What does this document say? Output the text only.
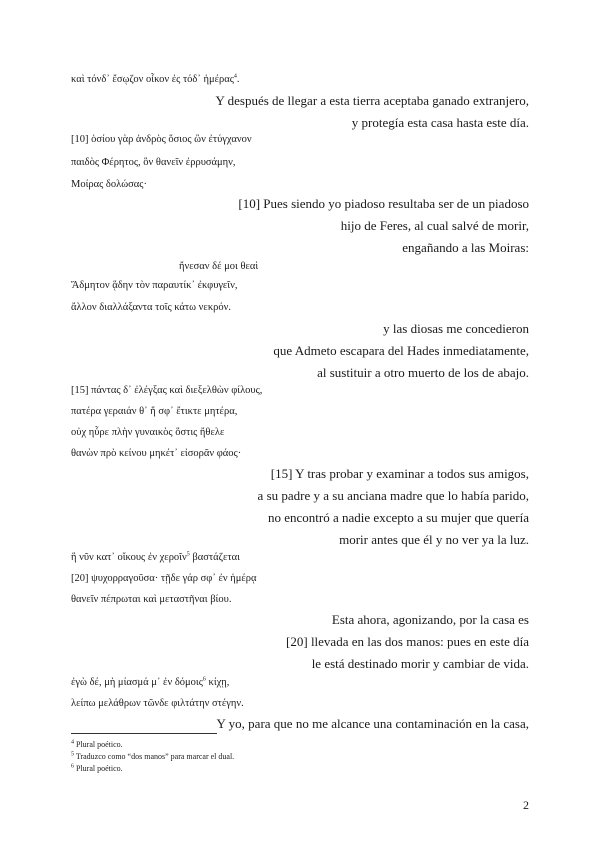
καὶ τόνδ᾽ ἔσῳζον οἶκον ἐς τόδ᾽ ἡμέρας$^4$.
Y después de llegar a esta tierra aceptaba ganado extranjero,
y protegía esta casa hasta este día.
[10] ὁσίου γὰρ ἀνδρὸς ὅσιος ὢν ἐτύγχανον
παιδὸς Φέρητος, ὃν θανεῖν ἐρρυσάμην,
Μοίρας δολώσας·
[10] Pues siendo yo piadoso resultaba ser de un piadoso
hijo de Feres, al cual salvé de morir,
engañando a las Moiras:
ἤνεσαν δέ μοι θεαὶ
Ἄδμητον ᾅδην τὸν παραυτίκ᾽ ἐκφυγεῖν,
ἄλλον διαλλάξαντα τοῖς κάτω νεκρόν.
y las diosas me concedieron
que Admeto escapara del Hades inmediatamente,
al sustituir a otro muerto de los de abajo.
[15] πάντας δ᾽ ἐλέγξας καὶ διεξελθὼν φίλους,
πατέρα γεραιάν θ᾽ ἥ σφ᾽ ἔτικτε μητέρα,
οὐχ ηὗρε πλὴν γυναικὸς ὅστις ἤθελε
θανὼν πρὸ κείνου μηκέτ᾽ εἰσορᾶν φάος·
[15] Y tras probar y examinar a todos sus amigos,
a su padre y a su anciana madre que lo había parido,
no encontró a nadie excepto a su mujer que quería
morir antes que él y no ver ya la luz.
ἣ νῦν κατ᾽ οἴκους ἐν χεροῖν$^5$ βαστάζεται
[20] ψυχορραγοῦσα· τῇδε γάρ σφ᾽ ἐν ἡμέρᾳ
θανεῖν πέπρωται καὶ μεταστῆναι βίου.
Esta ahora, agonizando, por la casa es
[20] llevada en las dos manos: pues en este día
le está destinado morir y cambiar de vida.
ἐγὼ δέ, μὴ μίασμά μ᾽ ἐν δόμοις$^6$ κίχῃ,
λείπω μελάθρων τῶνδε φιλτάτην στέγην.
Y yo, para que no me alcance una contaminación en la casa,
$^4$ Plural poético.
$^5$ Traduzco como “dos manos” para marcar el dual.
$^6$ Plural poético.
2
